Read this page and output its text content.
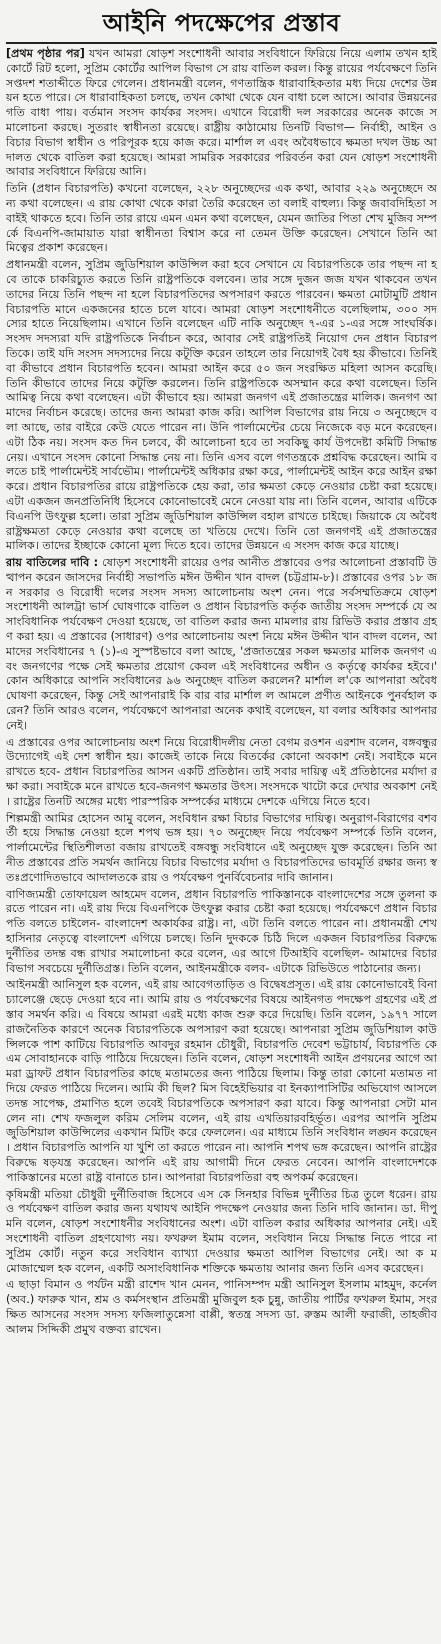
আইনি পদক্ষেপের প্রস্তাব

[প্রথম পৃষ্ঠার পর] যখন আমরা ষোড়শ সংশোধনী আবার সংবিধানে ফিরিয়ে নিয়ে এলাম তখন হাই কোর্টে রিট হলো, সুপ্রিম কোর্টের আপিল বিভাগ সে রায় বাতিল করল। কিন্তু রায়ের পর্যবেক্ষণে তিনি সপ্তদশ শতাব্দীতে ফিরে গেলেন। প্রধানমন্ত্রী বলেন, গণতান্ত্রিক ধারাবাহিকতার মধ্য দিয়ে দেশের উন্নয়ন হতে পারে। সে ধারাবাহিকতা চলছে, তখন কোথা থেকে যেন বাধা চলে আসে। আবার উন্নয়নের গতি বাধা পায়। বর্তমান সংসদ কার্যকর সংসদ। এখানে বিরোধী দল সরকারের অনেক কাজে সমালোচনা করছে। সুতরাং স্বাধীনতা রয়েছে। রাষ্ট্রীয় কাঠামোয় তিনটি বিভাগ— নির্বাহী, আইন ও বিচার বিভাগ স্বাধীন ও পরিপূরক হয়ে কাজ করে। মার্শাল ল এবং অবৈধভাবে ক্ষমতা দখল উচ্চ আদালত থেকে বাতিল করা হয়েছে। আমরা সামরিক সরকারের পরিবর্তন করা যেন ষোড়শ সংশোধনী আবার সংবিধানে ফিরিয়ে আনি।

তিনি (প্রধান বিচারপতি) কখনো বলেছেন, ২২৮ অনুচ্ছেদের এক কথা, আবার ২২৯ অনুচ্ছেদে অন্য কথা বলেছেন। এ রায় কোথা থেকে কারা তৈরি করেছেন তা বলাই বাহুল্য। কিন্তু জবাবদিহিতা সবাইই থাকতে হবে। তিনি তার রায়ে এমন এমন কথা বলেছেন, যেমন জাতির পিতা শেখ মুজিব সম্পর্কে বিএনপি-জামায়াত যারা স্বাধীনতা বিশ্বাস করে না তেমন উক্তি করেছেন। সেখানে তিনি আমিত্বের প্রকাশ করেছেন।

প্রধানমন্ত্রী বলেন, সুপ্রিম জুডিশিয়াল কাউন্সিল করা হবে সেখানে যে বিচারপতিকে তার পছন্দ না হবে তাকে চাকরিচ্যুত করতে তিনি রাষ্ট্রপতিকে বলবেন। তার সঙ্গে দুজন জজ যখন থাকবেন তখন তাদের নিয়ে তিনি পছন্দ না হলে বিচারপতিদের অপসারণ করতে পারবেন। ক্ষমতা মোটামুটি প্রধান বিচারপতি মানে একজনের হাতে চলে যাবে। আমরা ষোড়শ সংশোধনীতে বলেছিলাম, ৩০০ সদস্যের হাতে নিয়েছিলাম। এখানে তিনি বলেছেন এটি নাকি অনুচ্ছেদ ৭-এর ১-এর সঙ্গে সাংঘর্ষিক। সংসদ সদস্যরা যদি রাষ্ট্রপতিকে নির্বাচন করে, আবার সেই রাষ্ট্রপতিই নিয়োগ দেন প্রধান বিচারপতিকে। তাই যদি সংসদ সদস্যদের নিয়ে কটূক্তি করেন তাহলে তার নিয়োগই বৈধ হয় কীভাবে। তিনিই বা কীভাবে প্রধান বিচারপতি হবেন। আমরা আইন করে ৫০ জন সংরক্ষিত মহিলা আসন করেছি। তিনি কীভাবে তাদের নিয়ে কটূক্তি করলেন। তিনি রাষ্ট্রপতিকে অসম্মান করে কথা বলেছেন। তিনি আমিত্ব নিয়ে কথা বলেছেন। এটা কীভাবে হয়। আমরা জনগণ এই প্রজাতন্ত্রের মালিক। জনগণ আমাদের নির্বাচন করেছে। তাদের জন্য আমরা কাজ করি। আপিল বিভাগের রায় নিয়ে ৩ অনুচ্ছেদে বলা আছে, তার বাইরে কেউ যেতে পারেন না। উনি পার্লামেন্টের চেয়ে নিজেকে বড় মনে করেছেন। এটা ঠিক নয়। সংসদ কত দিন চলবে, কী আলোচনা হবে তা সবকিছু কার্য উপদেষ্টা কমিটি সিদ্ধান্ত নেয়। এখানে সংসদ কোনো সিদ্ধান্ত নেয় না। তিনি এসব বলে গণতন্ত্রকে প্রশ্নবিদ্ধ করেছেন। আমি বলতে চাই পার্লামেন্টই সার্বভৌম। পার্লামেন্টই অধিকার রক্ষা করে, পার্লামেন্টই আইন করে আইন রক্ষা করে। প্রধান বিচারপতির রায়ে রাষ্ট্রপতিকে হেয় করা, তার ক্ষমতা কেড়ে নেওয়ার চেষ্টা করা হয়েছে। এটা একজন জনপ্রতিনিধি হিসেবে কোনোভাবেই মেনে নেওয়া যায় না। তিনি বলেন, আবার এটিকে বিএনপি উৎফুল্ল হলো। তারা সুপ্রিম জুডিশিয়াল কাউন্সিল বহাল রাখতে চাইছে। জিয়াকে যে অবৈধ রাষ্ট্রক্ষমতা কেড়ে নেওয়ার কথা বলেছে তা খতিয়ে দেখে। তিনি তো জনগণই এই প্রজাতন্ত্রের মালিক। তাদের ইচ্ছাকে কোনো মূল্য দিতে হবে। তাদের উন্নয়নে এ সংসদ কাজ করে যাচ্ছে।

রায় বাতিলের দাবি : ষোড়শ সংশোধনী রায়ের ওপর আনীত প্রস্তাবের ওপর আলোচনা প্রস্তাবটি উত্থাপন করেন জাসদের নির্বাহী সভাপতি মঈন উদ্দীন খান বাদল (চট্টগ্রাম-৮)। প্রস্তাবের ওপর ১৮ জন সরকার ও বিরোধী দলের সংসদ সদস্য আলোচনায় অংশ নেন। পরে সর্বসম্মতিক্রমে ষোড়শ সংশোধনী আলট্রা ভার্স ঘোষণাকে বাতিল ও প্রধান বিচারপতি কর্তৃক জাতীয় সংসদ সম্পর্কে যে অসাংবিধানিক পর্যবেক্ষণ দেওয়া হয়েছে, তা বাতিল করার জন্য মামলার রায় রিভিউ করার প্রস্তাব গ্রহণ করা হয়। এ প্রস্তাবের (সাধারণ) ওপর আলোচনায় অংশ নিয়ে মঈন উদ্দীন খান বাদল বলেন, আমাদের সংবিধানের ৭ (১)-এ সুস্পষ্টভাবে বলা আছে, 'প্রজাতন্ত্রের সকল ক্ষমতার মালিক জনগণ এবং জনগণের পক্ষে সেই ক্ষমতার প্রয়োগ কেবল এই সংবিধানের অধীন ও কর্তৃত্বে কার্যকর হইবে।' কোন অধিকারে আপনি সংবিধানের ৯৬ অনুচ্ছেদ বাতিল করলেন? মার্শাল ল'কে আপনারা অবৈধ ঘোষণা করেছেন, কিন্তু সেই আপনারাই কি বার বার মার্শাল ল আমলে প্রণীত আইনকে পুনর্বহাল করেন? তিনি আরও বলেন, পর্যবেক্ষণে আপনারা অনেক কথাই বলেছেন, যা বলার অধিকার আপনার নেই।

এ প্রস্তাবের ওপর আলোচনায় অংশ নিয়ে বিরোধীদলীয় নেতা বেগম রওশন এরশাদ বলেন, বঙ্গবন্ধুর উদ্যোগেই এই দেশ স্বাধীন হয়। কাজেই তাকে নিয়ে বিতর্কের কোনো অবকাশ নেই। সবাইকে মনে রাখতে হবে- প্রধান বিচারপতির আসন একটি প্রতিষ্ঠান। তাই সবার দায়িত্ব এই প্রতিষ্ঠানের মর্যাদা রক্ষা করা। সবাইকে মনে রাখতে হবে-জনগণ ক্ষমতার উৎস। সংসদকে খাটো করে দেখার অবকাশ নেই। রাষ্ট্রের তিনটি অঙ্গের মধ্যে পারস্পরিক সম্পর্কের মাধ্যমে দেশকে এগিয়ে নিতে হবে।

শিল্পমন্ত্রী আমির হোসেন আমু বলেন, সংবিধান রক্ষা বিচার বিভাগের দায়িত্ব। অনুরাগ-বিরাগের বশবর্তী হয়ে সিদ্ধান্ত নেওয়া হলে শপথ ভঙ্গ হয়। ৭০ অনুচ্ছেদ নিয়ে পর্যবেক্ষণ সম্পর্কে তিনি বলেন, পার্লামেন্টের স্থিতিশীলতা বজায় রাখতেই বঙ্গবন্ধু সংবিধানে এই অনুচ্ছেদ যুক্ত করেছেন। তিনি আনীত প্রস্তাবের প্রতি সমর্থন জানিয়ে বিচার বিভাগের মর্যাদা ও বিচারপতিদের ভাবমূর্তি রক্ষার জন্য স্বতঃপ্রণোদিতভাবে আদালতকে রায় ও পর্যবেক্ষণ পুনর্বিবেচনার দাবি জানান।

বাণিজ্যমন্ত্রী তোফায়েল আহমেদ বলেন, প্রধান বিচারপতি পাকিস্তানকে বাংলাদেশের সঙ্গে তুলনা করতে পারেন না। এই রায় দিয়ে বিএনপিকে উৎফুল্ল করার চেষ্টা করা হয়েছে। পর্যবেক্ষণে প্রধান বিচারপতি বলতে চাইলেন- বাংলাদেশ অকার্যকর রাষ্ট্র। না, এটা তিনি বলতে পারেন না। প্রধানমন্ত্রী শেখ হাসিনার নেতৃত্বে বাংলাদেশ এগিয়ে চলছে। তিনি দুদককে চিঠি দিলে একজন বিচারপতির বিরুদ্ধে দুর্নীতির তদন্ত বন্ধ রাখার সমালোচনা করে বলেন, এর আগে টিআইবি বলেছিল- আমাদের বিচার বিভাগ সবচেয়ে দুর্নীতিগ্রস্ত। তিনি বলেন, আইনমন্ত্রীকে বলব- এটাকে রিভিউতে পাঠানোর জন্য।

আইনমন্ত্রী আনিসুল হক বলেন, এই রায় আবেগতাড়িত ও বিদ্বেষপ্রসূত। এই রায় কোনোভাবেই বিনা চ্যালেঞ্জে ছেড়ে দেওয়া হবে না। আমি রায় ও পর্যবেক্ষণের বিষয়ে আইনগত পদক্ষেপ গ্রহণের এই প্রস্তাব সমর্থন করি। এ বিষয়ে আমরা এরই মধ্যে কাজ শুরু করে দিয়েছি। তিনি বলেন, ১৯৭৭ সালে রাজনৈতিক কারণে অনেক বিচারপতিকে অপসারণ করা হয়েছে। আপনারা সুপ্রিম জুডিশিয়াল কাউন্সিলকে পাশ কাটিয়ে বিচারপতি আবদুর রহমান চৌধুরী, বিচারপতি দেবেশ ভট্টাচার্য, বিচারপতি কে এম সোবাহানকে বাড়ি পাঠিয়ে দিয়েছেন। তিনি বলেন, ষোড়শ সংশোধনী আইন প্রণয়নের আগে আমরা ড্রাফট প্রধান বিচারপতির কাছে মতামতের জন্য পাঠিয়ে ছিলাম। কিন্তু তারা কোনো মতামত না দিয়ে ফেরত পাঠিয়ে দিলেন। আমি কী ছিল? মিস বিহেইভিয়ার বা ইনক্যাপাসিটির অভিযোগ আসলে তদন্ত সাপেক্ষ, প্রমাণিত হলে তবেই বিচারপতিকে অপসারণ করা যাবে। কিন্তু আপনারা সেটা মানলেন না। শেখ ফজলুল করিম সেলিম বলেন, এই রায় এখতিয়ারবহির্ভূত। এরপর আপনি সুপ্রিম জুডিশিয়াল কাউন্সিলের একখান মিটিং করে ফেললেন। এর মাধ্যমে তিনি সংবিধান লঙ্ঘন করেছেন। প্রধান বিচারপতি আপনি যা খুশি তা করতে পারেন না। আপনি শপথ ভঙ্গ করেছেন। আপনি রাষ্ট্রের বিরুদ্ধে ষড়যন্ত্র করেছেন। আপনি এই রায় আগামী দিনে ফেরত নেবেন। আপনি বাংলাদেশকে পাকিস্তানের মতো রাষ্ট্র বানাতে চান। আপনারা বিচারপতিরা বহু অপকর্ম করেছেন।

কৃষিমন্ত্রী মতিয়া চৌধুরী দুর্নীতিবাজ হিসেবে এস কে সিনহার বিভিন্ন দুর্নীতির চিত্র তুলে ধরেন। রায় ও পর্যবেক্ষণ বাতিল করার জন্য যথাযথ আইনি পদক্ষেপ নেওয়ার জন্য তিনি দাবি জানান। ডা. দীপু মনি বলেন, ষোড়শ সংশোধনীর সংবিধানের অংশ। এটা বাতিল করার অধিকার আপনার নেই। এই সংশোধনী বাতিল গ্রহণযোগ্য নয়। ফখরুল ইমাম বলেন, সংবিধান নিয়ে সিদ্ধান্ত নিতে পারে না সুপ্রিম কোর্ট। নতুন করে সংবিধান ব্যাখ্যা দেওয়ার ক্ষমতা আপিল বিভাগের নেই। আ ক ম মোজাম্মেল হক বলেন, একটি অসাংবিধানিক শক্তিকে ক্ষমতায় আনার জন্য তিনি এসব করেছেন।

এ ছাড়া বিমান ও পর্যটন মন্ত্রী রাশেদ খান মেনন, পানিসম্পদ মন্ত্রী আনিসুল ইসলাম মাহমুদ, কর্নেল (অব.) ফারুক খান, শ্রম ও কর্মসংস্থান প্রতিমন্ত্রী মুজিবুল হক চুন্নু, জাতীয় পার্টির ফখরুল ইমাম, সংরক্ষিত আসনের সংসদ সদস্য ফজিলাতুন্নেসা বাপ্পী, স্বতন্ত্র সদস্য ডা. রুস্তম আলী ফরাজী, তাহজীব আলম সিদ্দিকী প্রমুখ বক্তব্য রাখেন।
